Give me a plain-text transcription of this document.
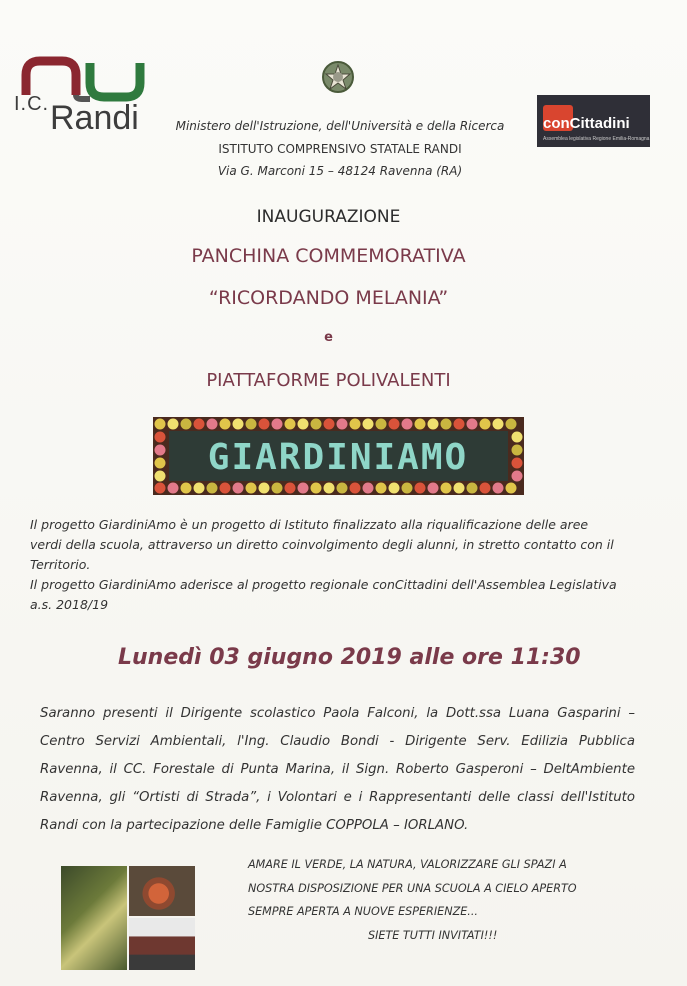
I.C. Randi	conCittadini
Assemblea legislativa Regione Emilia-Romagna
Ministero dell'Istruzione, dell'Università e della Ricerca
ISTITUTO COMPRENSIVO STATALE RANDI
Via G. Marconi 15 – 48124 Ravenna (RA)
INAUGURAZIONE
PANCHINA COMMEMORATIVA
“RICORDANDO MELANIA”
e
PIATTAFORME POLIVALENTI
GIARDINIAMO
Il progetto GiardiniAmo è un progetto di Istituto finalizzato alla riqualificazione delle aree verdi della scuola, attraverso un diretto coinvolgimento degli alunni, in stretto contatto con il Territorio.
Il progetto GiardiniAmo aderisce al progetto regionale conCittadini dell'Assemblea Legislativa a.s. 2018/19
Lunedì 03 giugno 2019 alle ore 11:30
Saranno presenti il Dirigente scolastico Paola Falconi, la Dott.ssa Luana Gasparini – Centro Servizi Ambientali, l'Ing. Claudio Bondi - Dirigente Serv. Edilizia Pubblica Ravenna, il CC. Forestale di Punta Marina, il Sign. Roberto Gasperoni – DeltAmbiente Ravenna, gli “Ortisti di Strada”, i Volontari e i Rappresentanti delle classi dell'Istituto Randi con la partecipazione delle Famiglie COPPOLA – IORLANO.
AMARE IL VERDE, LA NATURA, VALORIZZARE GLI SPAZI A
NOSTRA DISPOSIZIONE PER UNA SCUOLA A CIELO APERTO
SEMPRE APERTA A NUOVE ESPERIENZE...
SIETE TUTTI INVITATI!!!
